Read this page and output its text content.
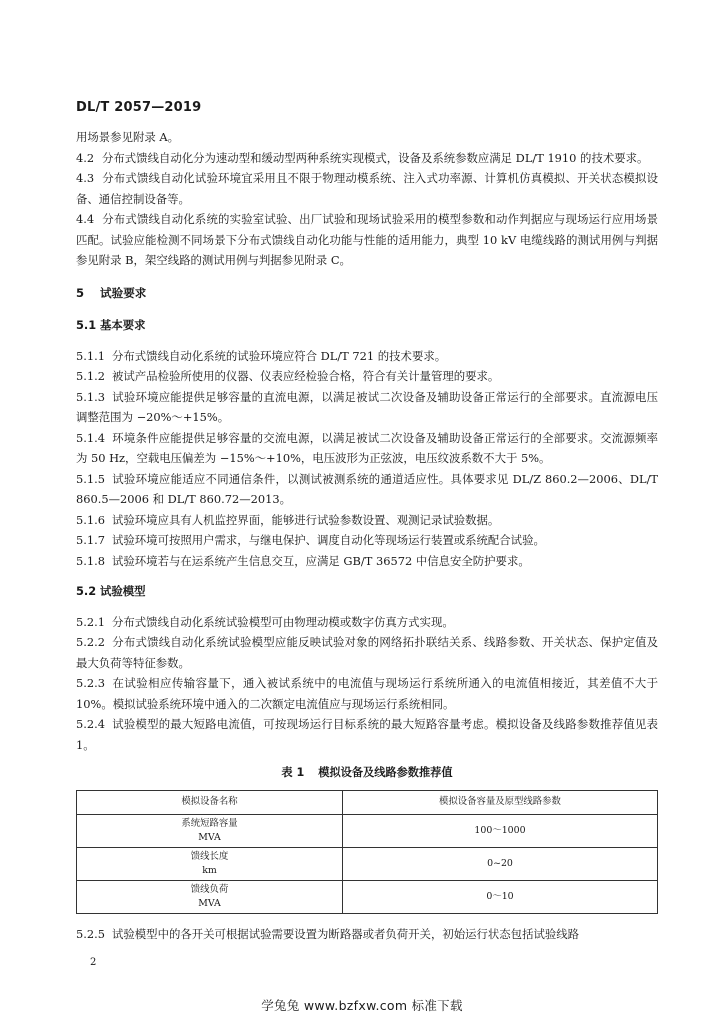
DL/T 2057—2019

用场景参见附录 A。

4.2 分布式馈线自动化分为速动型和缓动型两种系统实现模式，设备及系统参数应满足 DL/T 1910 的技术要求。

4.3 分布式馈线自动化试验环境宜采用且不限于物理动模系统、注入式功率源、计算机仿真模拟、开关状态模拟设备、通信控制设备等。

4.4 分布式馈线自动化系统的实验室试验、出厂试验和现场试验采用的模型参数和动作判据应与现场运行应用场景匹配。试验应能检测不同场景下分布式馈线自动化功能与性能的适用能力，典型 10 kV 电缆线路的测试用例与判据参见附录 B，架空线路的测试用例与判据参见附录 C。

5 试验要求
5.1 基本要求

5.1.1 分布式馈线自动化系统的试验环境应符合 DL/T 721 的技术要求。

5.1.2 被试产品检验所使用的仪器、仪表应经检验合格，符合有关计量管理的要求。

5.1.3 试验环境应能提供足够容量的直流电源，以满足被试二次设备及辅助设备正常运行的全部要求。直流源电压调整范围为 −20%～+15%。

5.1.4 环境条件应能提供足够容量的交流电源，以满足被试二次设备及辅助设备正常运行的全部要求。交流源频率为 50 Hz，空载电压偏差为 −15%～+10%，电压波形为正弦波，电压纹波系数不大于 5%。

5.1.5 试验环境应能适应不同通信条件，以测试被测系统的通道适应性。具体要求见 DL/Z 860.2—2006、DL/T 860.5—2006 和 DL/T 860.72—2013。

5.1.6 试验环境应具有人机监控界面，能够进行试验参数设置、观测记录试验数据。

5.1.7 试验环境可按照用户需求，与继电保护、调度自动化等现场运行装置或系统配合试验。

5.1.8 试验环境若与在运系统产生信息交互，应满足 GB/T 36572 中信息安全防护要求。

5.2 试验模型

5.2.1 分布式馈线自动化系统试验模型可由物理动模或数字仿真方式实现。

5.2.2 分布式馈线自动化系统试验模型应能反映试验对象的网络拓扑联结关系、线路参数、开关状态、保护定值及最大负荷等特征参数。

5.2.3 在试验相应传输容量下，通入被试系统中的电流值与现场运行系统所通入的电流值相接近，其差值不大于 10%。模拟试验系统环境中通入的二次额定电流值应与现场运行系统相同。

5.2.4 试验模型的最大短路电流值，可按现场运行目标系统的最大短路容量考虑。模拟设备及线路参数推荐值见表 1。

表 1 模拟设备及线路参数推荐值
模拟设备名称	模拟设备容量及原型线路参数

系统短路容量
MVA	100～1000

馈线长度
km	0~20

馈线负荷
MVA	0～10

5.2.5 试验模型中的各开关可根据试验需要设置为断路器或者负荷开关，初始运行状态包括试验线路

2
学兔兔 www.bzfxw.com 标准下载
